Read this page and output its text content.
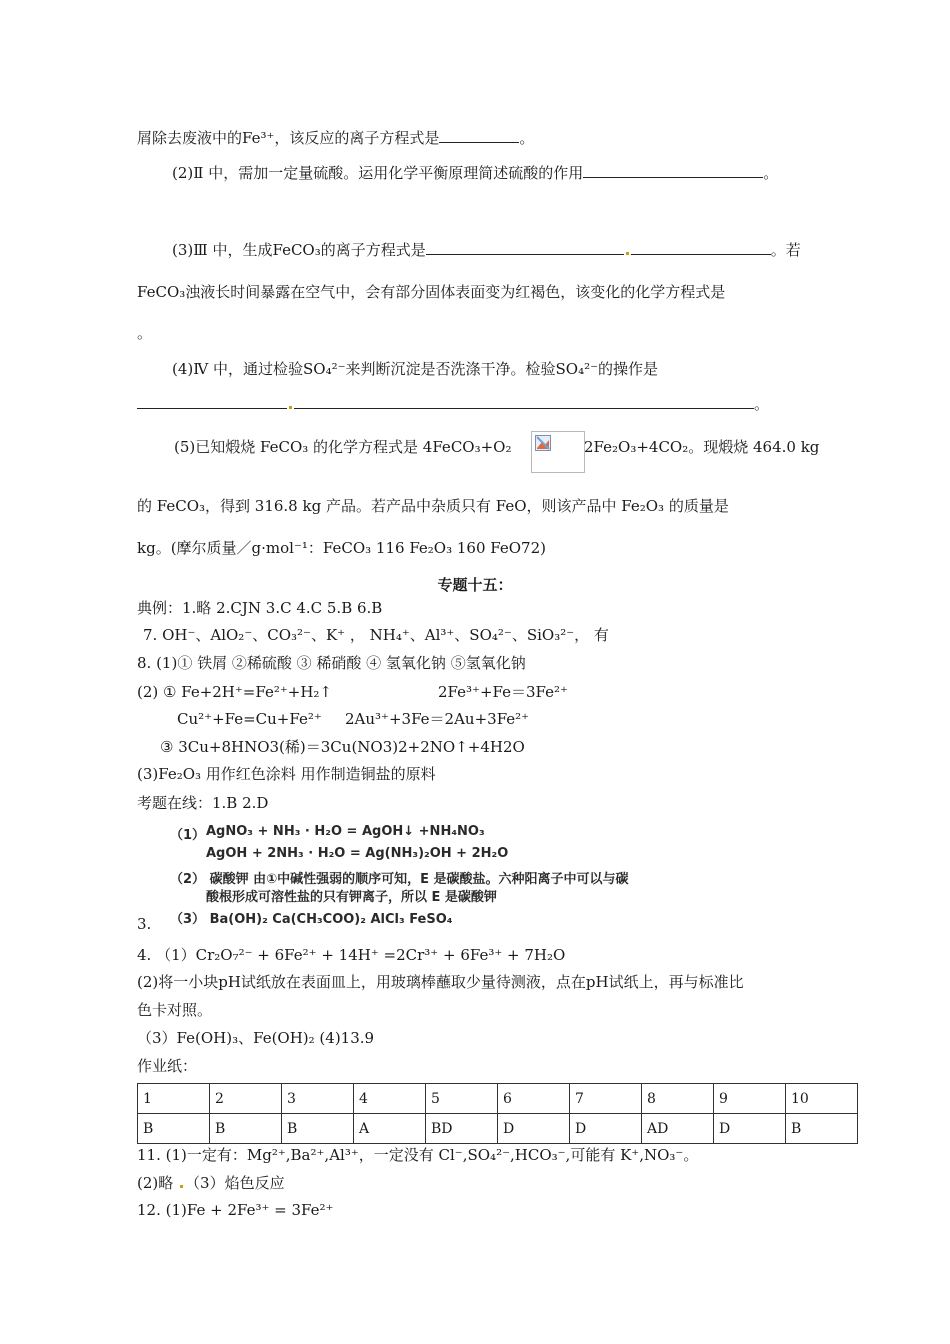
屑除去废液中的Fe³⁺，该反应的离子方程式是	。
(2)Ⅱ 中，需加一定量硫酸。运用化学平衡原理简述硫酸的作用	。
(3)Ⅲ 中，生成FeCO₃的离子方程式是	。若
FeCO₃浊液长时间暴露在空气中，会有部分固体表面变为红褐色，该变化的化学方程式是
。
(4)Ⅳ 中，通过检验SO₄²⁻来判断沉淀是否洗涤干净。检验SO₄²⁻的操作是
。
(5)已知煅烧 FeCO₃ 的化学方程式是 4FeCO₃+O₂	2Fe₂O₃+4CO₂。现煅烧 464.0 kg
的 FeCO₃，得到 316.8 kg 产品。若产品中杂质只有 FeO，则该产品中 Fe₂O₃ 的质量是
kg。(摩尔质量／g·mol⁻¹：FeCO₃ 116 Fe₂O₃ 160 FeO72)
专题十五：
典例：1.略 2.CJN 3.C 4.C 5.B 6.B
7. OH⁻、AlO₂⁻、CO₃²⁻、K⁺ ， NH₄⁺、Al³⁺、SO₄²⁻、SiO₃²⁻， 有
8. (1)① 铁屑 ②稀硫酸 ③ 稀硝酸 ④ 氢氧化钠 ⑤氢氧化钠
(2) ① Fe+2H⁺=Fe²⁺+H₂↑	2Fe³⁺+Fe＝3Fe²⁺
Cu²⁺+Fe=Cu+Fe²⁺ 2Au³⁺+3Fe＝2Au+3Fe²⁺
③ 3Cu+8HNO3(稀)＝3Cu(NO3)2+2NO↑+4H2O
(3)Fe₂O₃ 用作红色涂料 用作制造铜盐的原料
考题在线：1.B 2.D
（1） AgNO₃ + NH₃ · H₂O = AgOH↓ +NH₄NO₃
AgOH + 2NH₃ · H₂O = Ag(NH₃)₂OH + 2H₂O
（2） 碳酸钾 由①中碱性强弱的顺序可知，E 是碳酸盐。六种阳离子中可以与碳
酸根形成可溶性盐的只有钾离子，所以 E 是碳酸钾
（3） Ba(OH)₂ Ca(CH₃COO)₂ AlCl₃ FeSO₄
3.
4. （1）Cr₂O₇²⁻ + 6Fe²⁺ + 14H⁺ =2Cr³⁺ + 6Fe³⁺ + 7H₂O
(2)将一小块pH试纸放在表面皿上，用玻璃棒蘸取少量待测液，点在pH试纸上，再与标准比
色卡对照。
（3）Fe(OH)₃、Fe(OH)₂ (4)13.9
作业纸：
1	2	3	4	5	6	7	8	9	10
B	B	B	A	BD	D	D	AD	D	B
11. (1)一定有：Mg²⁺,Ba²⁺,Al³⁺，一定没有 Cl⁻,SO₄²⁻,HCO₃⁻,可能有 K⁺,NO₃⁻。
(2)略 （3）焰色反应
12. (1)Fe + 2Fe³⁺ = 3Fe²⁺
